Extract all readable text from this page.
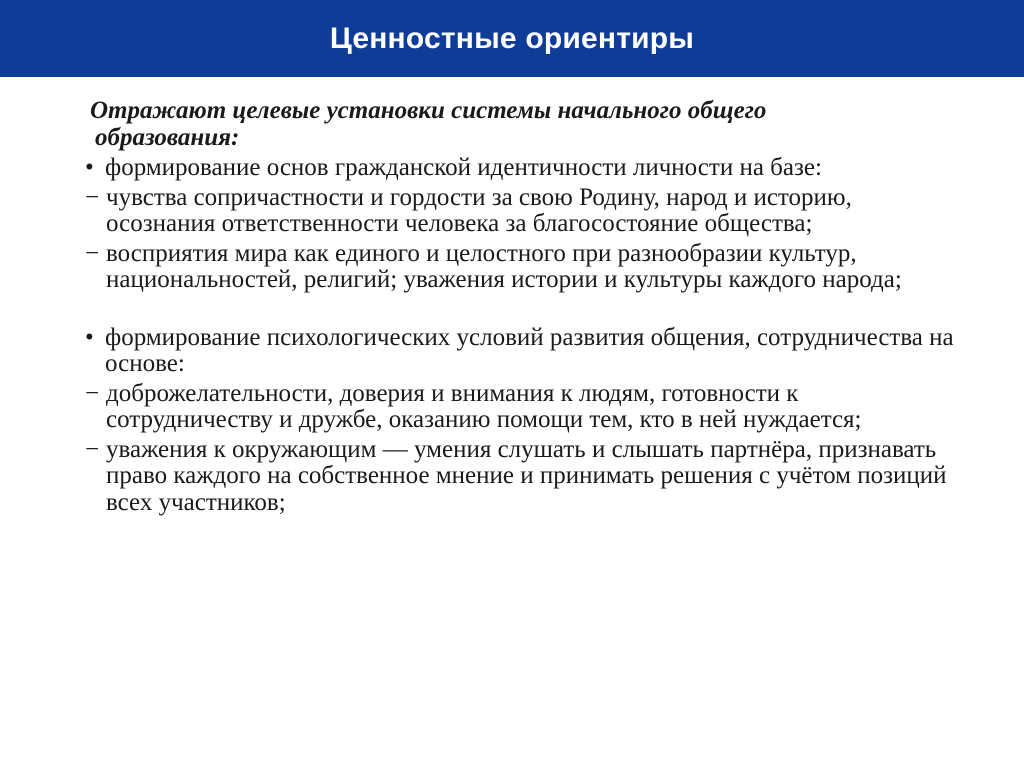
Ценностные ориентиры
Отражают целевые установки системы начального общего
образования:
• формирование основ гражданской идентичности личности на базе:
− чувства сопричастности и гордости за свою Родину, народ и историю, осознания ответственности человека за благосостояние общества;
− восприятия мира как единого и целостного при разнообразии культур, национальностей, религий; уважения истории и культуры каждого народа;
• формирование психологических условий развития общения, сотрудничества на основе:
− доброжелательности, доверия и внимания к людям, готовности к сотрудничеству и дружбе, оказанию помощи тем, кто в ней нуждается;
− уважения к окружающим — умения слушать и слышать партнёра, признавать право каждого на собственное мнение и принимать решения с учётом позиций всех участников;
